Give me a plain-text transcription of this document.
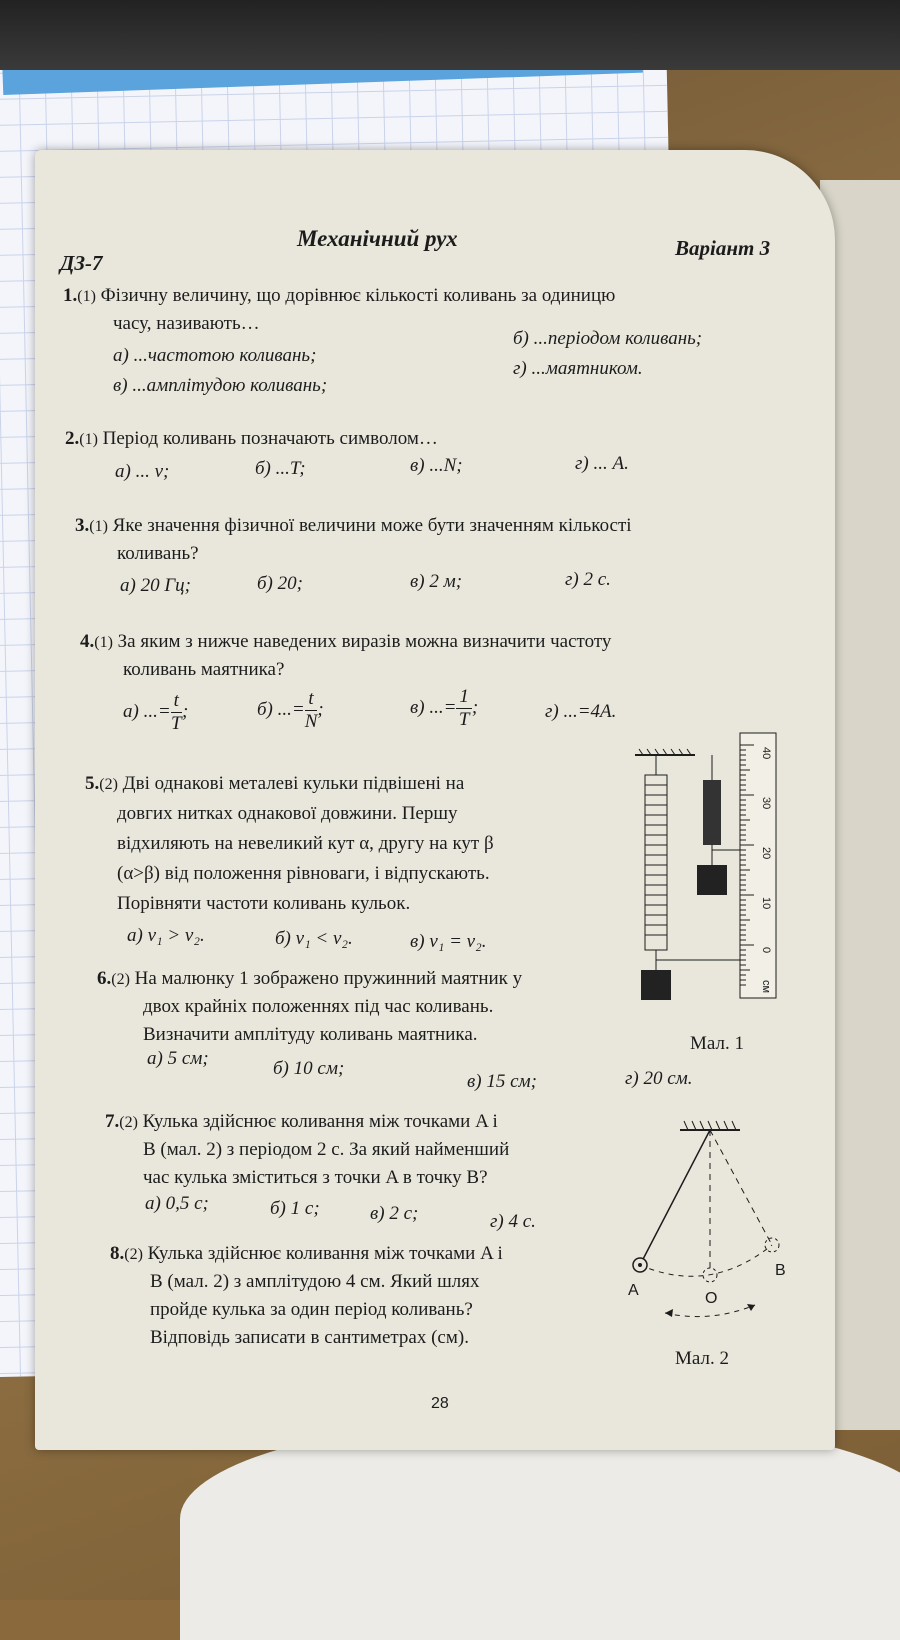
ДЗ-7
Механічний рух	Варіант 3
1.(1) Фізичну величину, що дорівнює кількості коливань за одиницю
часу, називають…
а) ...частотою коливань;
б) ...періодом коливань;
в) ...амплітудою коливань;
г) ...маятником.
2.(1) Період коливань позначають символом…
а) ... ν;	б) ...T;	в) ...N;	г) ... A.
3.(1) Яке значення фізичної величини може бути значенням кількості
коливань?
а) 20 Гц;	б) 20;	в) 2 м;	г) 2 с.
4.(1) За яким з нижче наведених виразів можна визначити частоту
коливань маятника?
а) ...= $\frac{t}{T}$ ;	б) ...= $\frac{t}{N}$ ;	в) ...= $\frac{1}{T}$ ;	г) ...=4A.
5.(2) Дві однакові металеві кульки підвішені на
довгих нитках однакової довжини. Першу
відхиляють на невеликий кут α, другу на кут β
(α>β) від положення рівноваги, і відпускають.
Порівняти частоти коливань кульок.
а) ν₁ > ν₂.	б) ν₁ < ν₂.	в) ν₁ = ν₂.
40
30
20
10
0
см
Мал. 1
6.(2) На малюнку 1 зображено пружинний маятник у
двох крайніх положеннях під час коливань.
Визначити амплітуду коливань маятника.
а) 5 см;	б) 10 см;
в) 15 см;	г) 20 см.
7.(2) Кулька здійснює коливання між точками A і
B (мал. 2) з періодом 2 с. За який найменший
час кулька зміститься з точки A в точку B?
а) 0,5 с;	б) 1 с;	в) 2 с;	г) 4 с.
8.(2) Кулька здійснює коливання між точками A і
B (мал. 2) з амплітудою 4 см. Який шлях
пройде кулька за один період коливань?
Відповідь записати в сантиметрах (см).
A	O
B
Мал. 2
28
